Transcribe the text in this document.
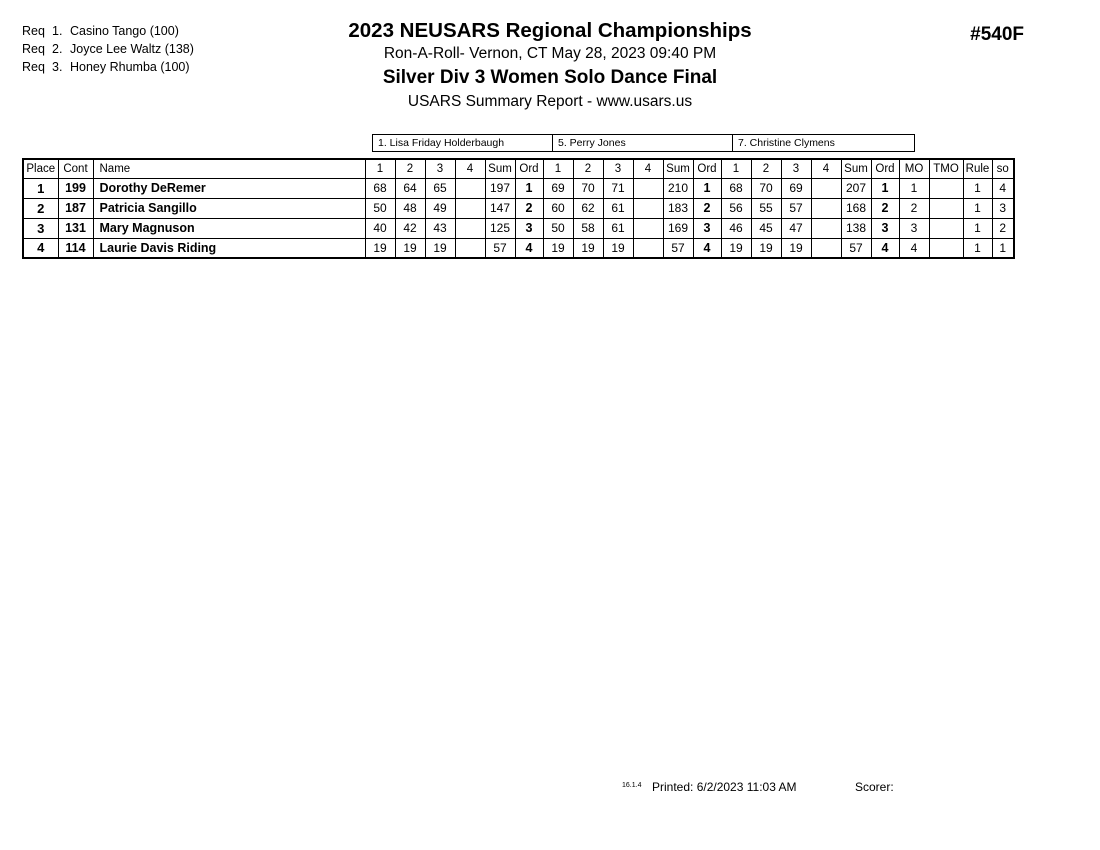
Req 1. Casino Tango (100)
Req 2. Joyce Lee Waltz (138)
Req 3. Honey Rhumba (100)
2023 NEUSARS Regional Championships
Ron-A-Roll- Vernon, CT May 28, 2023 09:40 PM
Silver Div 3 Women Solo Dance Final
USARS Summary Report - www.usars.us
#540F
1. Lisa Friday Holderbaugh	5. Perry Jones	7. Christine Clymens
Place	Cont	Name	1	2	3	4	Sum	Ord	1	2	3	4	Sum	Ord	1	2	3	4	Sum	Ord	MO	TMO	Rule	so
1	199	Dorothy DeRemer	68	64	65		197	1	69	70	71		210	1	68	70	69		207	1	1		1	4
2	187	Patricia Sangillo	50	48	49		147	2	60	62	61		183	2	56	55	57		168	2	2		1	3
3	131	Mary Magnuson	40	42	43		125	3	50	58	61		169	3	46	45	47		138	3	3		1	2
4	114	Laurie Davis Riding	19	19	19		57	4	19	19	19		57	4	19	19	19		57	4	4		1	1
16.1.4 Printed: 6/2/2023 11:03 AM	Scorer:
